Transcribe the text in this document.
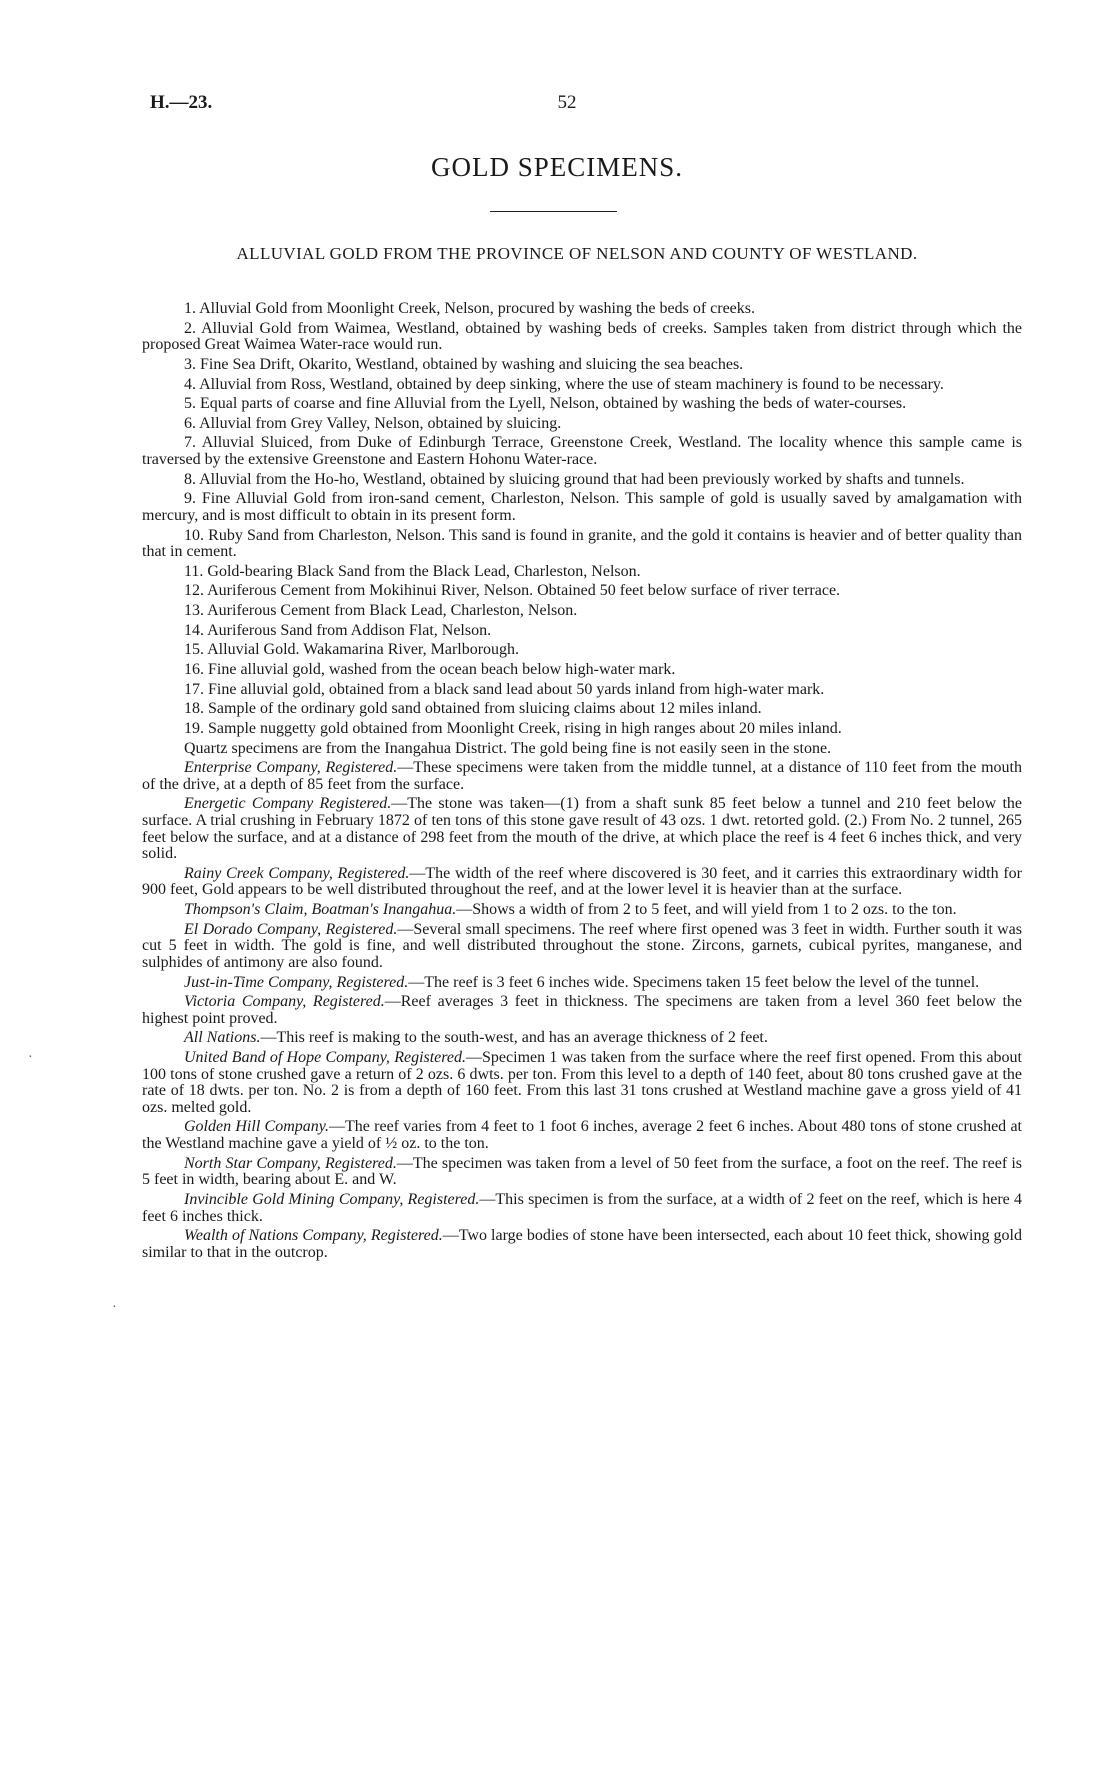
H.—23.	52
GOLD SPECIMENS.
ALLUVIAL GOLD FROM THE PROVINCE OF NELSON AND COUNTY OF WESTLAND.

1. Alluvial Gold from Moonlight Creek, Nelson, procured by washing the beds of creeks.

2. Alluvial Gold from Waimea, Westland, obtained by washing beds of creeks. Samples taken from district through which the proposed Great Waimea Water-race would run.

3. Fine Sea Drift, Okarito, Westland, obtained by washing and sluicing the sea beaches.

4. Alluvial from Ross, Westland, obtained by deep sinking, where the use of steam machinery is found to be necessary.

5. Equal parts of coarse and fine Alluvial from the Lyell, Nelson, obtained by washing the beds of water-courses.

6. Alluvial from Grey Valley, Nelson, obtained by sluicing.

7. Alluvial Sluiced, from Duke of Edinburgh Terrace, Greenstone Creek, Westland. The locality whence this sample came is traversed by the extensive Greenstone and Eastern Hohonu Water-race.

8. Alluvial from the Ho-ho, Westland, obtained by sluicing ground that had been previously worked by shafts and tunnels.

9. Fine Alluvial Gold from iron-sand cement, Charleston, Nelson. This sample of gold is usually saved by amalgamation with mercury, and is most difficult to obtain in its present form.

10. Ruby Sand from Charleston, Nelson. This sand is found in granite, and the gold it contains is heavier and of better quality than that in cement.

11. Gold-bearing Black Sand from the Black Lead, Charleston, Nelson.

12. Auriferous Cement from Mokihinui River, Nelson. Obtained 50 feet below surface of river terrace.

13. Auriferous Cement from Black Lead, Charleston, Nelson.

14. Auriferous Sand from Addison Flat, Nelson.

15. Alluvial Gold. Wakamarina River, Marlborough.

16. Fine alluvial gold, washed from the ocean beach below high-water mark.

17. Fine alluvial gold, obtained from a black sand lead about 50 yards inland from high-water mark.

18. Sample of the ordinary gold sand obtained from sluicing claims about 12 miles inland.

19. Sample nuggetty gold obtained from Moonlight Creek, rising in high ranges about 20 miles inland.

Quartz specimens are from the Inangahua District. The gold being fine is not easily seen in the stone.

Enterprise Company, Registered.—These specimens were taken from the middle tunnel, at a distance of 110 feet from the mouth of the drive, at a depth of 85 feet from the surface.

Energetic Company Registered.—The stone was taken—(1) from a shaft sunk 85 feet below a tunnel and 210 feet below the surface. A trial crushing in February 1872 of ten tons of this stone gave result of 43 ozs. 1 dwt. retorted gold. (2.) From No. 2 tunnel, 265 feet below the surface, and at a distance of 298 feet from the mouth of the drive, at which place the reef is 4 feet 6 inches thick, and very solid.

Rainy Creek Company, Registered.—The width of the reef where discovered is 30 feet, and it carries this extraordinary width for 900 feet, Gold appears to be well distributed throughout the reef, and at the lower level it is heavier than at the surface.

Thompson's Claim, Boatman's Inangahua.—Shows a width of from 2 to 5 feet, and will yield from 1 to 2 ozs. to the ton.

El Dorado Company, Registered.—Several small specimens. The reef where first opened was 3 feet in width. Further south it was cut 5 feet in width. The gold is fine, and well distributed throughout the stone. Zircons, garnets, cubical pyrites, manganese, and sulphides of antimony are also found.

Just-in-Time Company, Registered.—The reef is 3 feet 6 inches wide. Specimens taken 15 feet below the level of the tunnel.

Victoria Company, Registered.—Reef averages 3 feet in thickness. The specimens are taken from a level 360 feet below the highest point proved.

All Nations.—This reef is making to the south-west, and has an average thickness of 2 feet.

United Band of Hope Company, Registered.—Specimen 1 was taken from the surface where the reef first opened. From this about 100 tons of stone crushed gave a return of 2 ozs. 6 dwts. per ton. From this level to a depth of 140 feet, about 80 tons crushed gave at the rate of 18 dwts. per ton. No. 2 is from a depth of 160 feet. From this last 31 tons crushed at Westland machine gave a gross yield of 41 ozs. melted gold.

Golden Hill Company.—The reef varies from 4 feet to 1 foot 6 inches, average 2 feet 6 inches. About 480 tons of stone crushed at the Westland machine gave a yield of ½ oz. to the ton.

North Star Company, Registered.—The specimen was taken from a level of 50 feet from the surface, a foot on the reef. The reef is 5 feet in width, bearing about E. and W.

Invincible Gold Mining Company, Registered.—This specimen is from the surface, at a width of 2 feet on the reef, which is here 4 feet 6 inches thick.

Wealth of Nations Company, Registered.—Two large bodies of stone have been intersected, each about 10 feet thick, showing gold similar to that in the outcrop.

·
·
